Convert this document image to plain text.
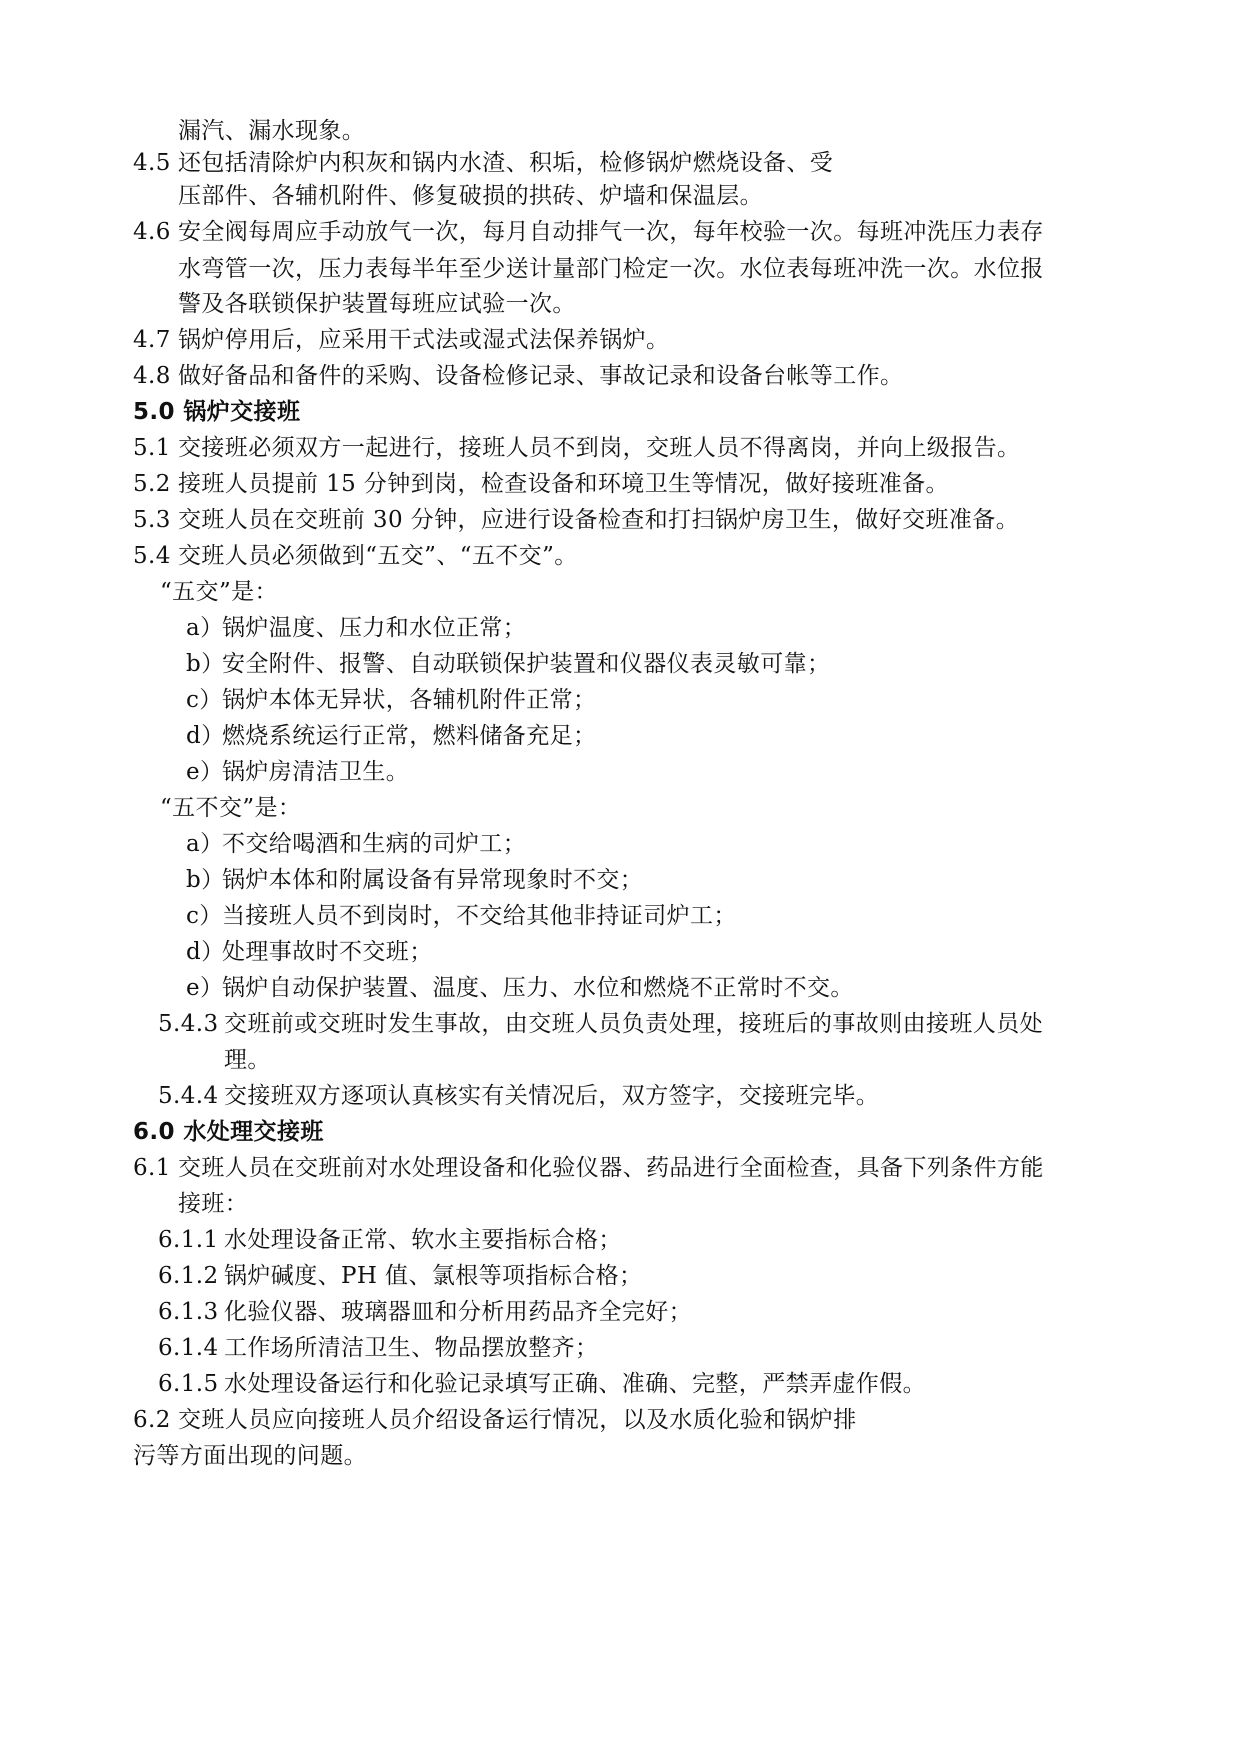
漏汽、漏水现象。
4.5 还包括清除炉内积灰和锅内水渣、积垢，检修锅炉燃烧设备、受
压部件、各辅机附件、修复破损的拱砖、炉墙和保温层。
4.6 安全阀每周应手动放气一次，每月自动排气一次，每年校验一次。每班冲洗压力表存
水弯管一次，压力表每半年至少送计量部门检定一次。水位表每班冲洗一次。水位报
警及各联锁保护装置每班应试验一次。
4.7 锅炉停用后，应采用干式法或湿式法保养锅炉。
4.8 做好备品和备件的采购、设备检修记录、事故记录和设备台帐等工作。
5.0 锅炉交接班
5.1 交接班必须双方一起进行，接班人员不到岗，交班人员不得离岗，并向上级报告。
5.2 接班人员提前 15 分钟到岗，检查设备和环境卫生等情况，做好接班准备。
5.3 交班人员在交班前 30 分钟，应进行设备检查和打扫锅炉房卫生，做好交班准备。
5.4 交班人员必须做到“五交”、“五不交”。
“五交”是：
a）锅炉温度、压力和水位正常；
b）安全附件、报警、自动联锁保护装置和仪器仪表灵敏可靠；
c）锅炉本体无异状，各辅机附件正常；
d）燃烧系统运行正常，燃料储备充足；
e）锅炉房清洁卫生。
“五不交”是：
a）不交给喝酒和生病的司炉工；
b）锅炉本体和附属设备有异常现象时不交；
c）当接班人员不到岗时，不交给其他非持证司炉工；
d）处理事故时不交班；
e）锅炉自动保护装置、温度、压力、水位和燃烧不正常时不交。
5.4.3 交班前或交班时发生事故，由交班人员负责处理，接班后的事故则由接班人员处
理。
5.4.4 交接班双方逐项认真核实有关情况后，双方签字，交接班完毕。
6.0 水处理交接班
6.1 交班人员在交班前对水处理设备和化验仪器、药品进行全面检查，具备下列条件方能
接班：
6.1.1 水处理设备正常、软水主要指标合格；
6.1.2 锅炉碱度、PH 值、氯根等项指标合格；
6.1.3 化验仪器、玻璃器皿和分析用药品齐全完好；
6.1.4 工作场所清洁卫生、物品摆放整齐；
6.1.5 水处理设备运行和化验记录填写正确、准确、完整，严禁弄虚作假。
6.2 交班人员应向接班人员介绍设备运行情况，以及水质化验和锅炉排
污等方面出现的问题。
